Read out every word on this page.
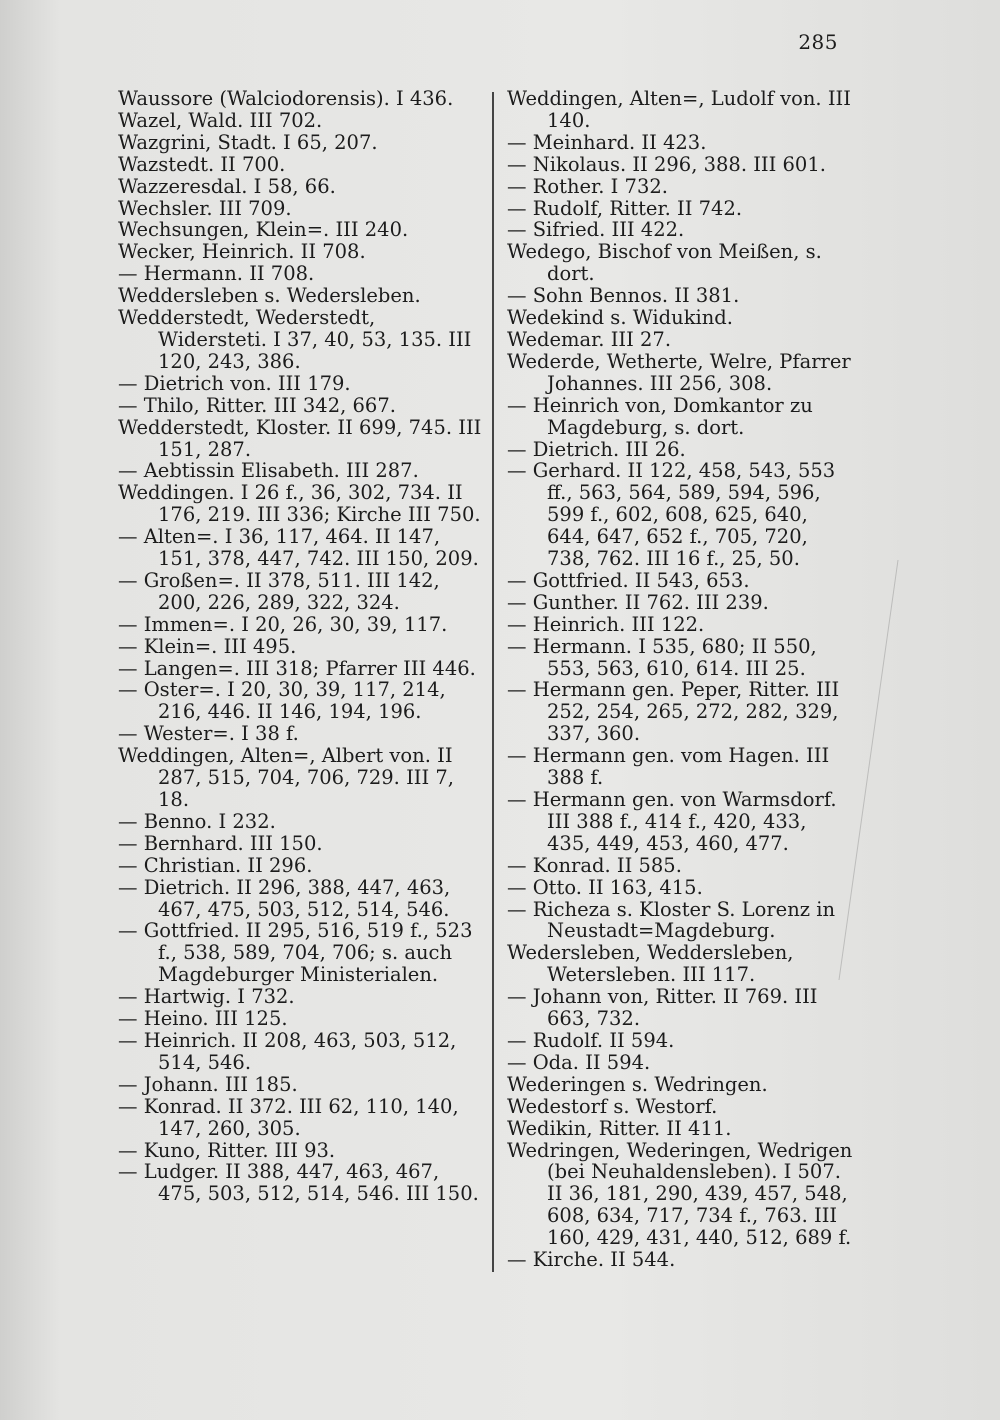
285
Waussore (Walciodorensis). I 436.
Wazel, Wald. III 702.
Wazgrini, Stadt. I 65, 207.
Wazstedt. II 700.
Wazzeresdal. I 58, 66.
Wechsler. III 709.
Wechsungen, Klein=. III 240.
Wecker, Heinrich. II 708.
— Hermann. II 708.
Weddersleben s. Wedersleben.
Wedderstedt, Wederstedt, Widersteti. I 37, 40, 53, 135. III 120, 243, 386.
— Dietrich von. III 179.
— Thilo, Ritter. III 342, 667.
Wedderstedt, Kloster. II 699, 745. III 151, 287.
— Aebtissin Elisabeth. III 287.
Weddingen. I 26 f., 36, 302, 734. II 176, 219. III 336; Kirche III 750.
— Alten=. I 36, 117, 464. II 147, 151, 378, 447, 742. III 150, 209.
— Großen=. II 378, 511. III 142, 200, 226, 289, 322, 324.
— Immen=. I 20, 26, 30, 39, 117.
— Klein=. III 495.
— Langen=. III 318; Pfarrer III 446.
— Oster=. I 20, 30, 39, 117, 214, 216, 446. II 146, 194, 196.
— Wester=. I 38 f.
Weddingen, Alten=, Albert von. II 287, 515, 704, 706, 729. III 7, 18.
— Benno. I 232.
— Bernhard. III 150.
— Christian. II 296.
— Dietrich. II 296, 388, 447, 463, 467, 475, 503, 512, 514, 546.
— Gottfried. II 295, 516, 519 f., 523 f., 538, 589, 704, 706; s. auch Magdeburger Ministerialen.
— Hartwig. I 732.
— Heino. III 125.
— Heinrich. II 208, 463, 503, 512, 514, 546.
— Johann. III 185.
— Konrad. II 372. III 62, 110, 140, 147, 260, 305.
— Kuno, Ritter. III 93.
— Ludger. II 388, 447, 463, 467, 475, 503, 512, 514, 546. III 150.
Weddingen, Alten=, Ludolf von. III 140.
— Meinhard. II 423.
— Nikolaus. II 296, 388. III 601.
— Rother. I 732.
— Rudolf, Ritter. II 742.
— Sifried. III 422.
Wedego, Bischof von Meißen, s. dort.
— Sohn Bennos. II 381.
Wedekind s. Widukind.
Wedemar. III 27.
Wederde, Wetherte, Welre, Pfarrer Johannes. III 256, 308.
— Heinrich von, Domkantor zu Magdeburg, s. dort.
— Dietrich. III 26.
— Gerhard. II 122, 458, 543, 553 ff., 563, 564, 589, 594, 596, 599 f., 602, 608, 625, 640, 644, 647, 652 f., 705, 720, 738, 762. III 16 f., 25, 50.
— Gottfried. II 543, 653.
— Gunther. II 762. III 239.
— Heinrich. III 122.
— Hermann. I 535, 680; II 550, 553, 563, 610, 614. III 25.
— Hermann gen. Peper, Ritter. III 252, 254, 265, 272, 282, 329, 337, 360.
— Hermann gen. vom Hagen. III 388 f.
— Hermann gen. von Warmsdorf. III 388 f., 414 f., 420, 433, 435, 449, 453, 460, 477.
— Konrad. II 585.
— Otto. II 163, 415.
— Richeza s. Kloster S. Lorenz in Neustadt=Magdeburg.
Wedersleben, Weddersleben, Wetersleben. III 117.
— Johann von, Ritter. II 769. III 663, 732.
— Rudolf. II 594.
— Oda. II 594.
Wederingen s. Wedringen.
Wedestorf s. Westorf.
Wedikin, Ritter. II 411.
Wedringen, Wederingen, Wedrigen (bei Neuhaldensleben). I 507. II 36, 181, 290, 439, 457, 548, 608, 634, 717, 734 f., 763. III 160, 429, 431, 440, 512, 689 f.
— Kirche. II 544.
